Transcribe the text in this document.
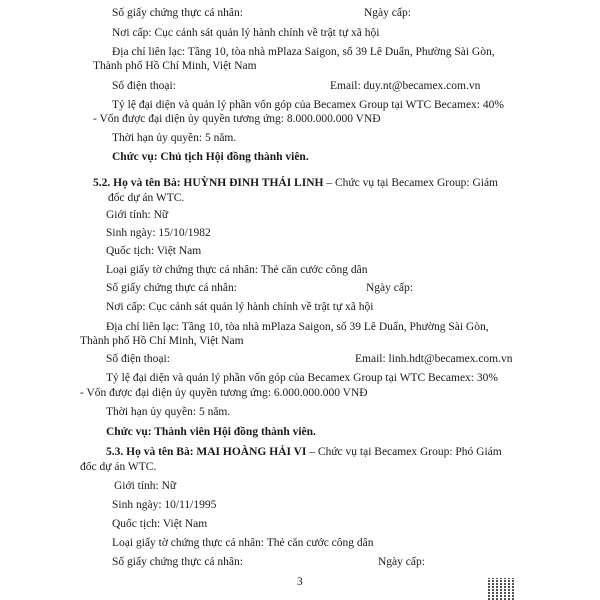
Số giấy chứng thực cá nhân:	Ngày cấp:
Nơi cấp: Cục cảnh sát quản lý hành chính về trật tự xã hội
Địa chỉ liên lạc: Tầng 10, tòa nhà mPlaza Saigon, số 39 Lê Duẩn, Phường Sài Gòn,
Thành phố Hồ Chí Minh, Việt Nam
Số điện thoại:	Email: duy.nt@becamex.com.vn
Tỷ lệ đại diện và quản lý phần vốn góp của Becamex Group tại WTC Becamex: 40%
- Vốn được đại diện ủy quyền tương ứng: 8.000.000.000 VNĐ
Thời hạn ủy quyền: 5 năm.
Chức vụ: Chủ tịch Hội đồng thành viên.
5.2. Họ và tên Bà: HUỲNH ĐINH THÁI LINH – Chức vụ tại Becamex Group: Giám
đốc dự án WTC.
Giới tính: Nữ
Sinh ngày: 15/10/1982
Quốc tịch: Việt Nam
Loại giấy tờ chứng thực cá nhân: Thẻ căn cước công dân
Số giấy chứng thực cá nhân:	Ngày cấp:
Nơi cấp: Cục cảnh sát quản lý hành chính về trật tự xã hội
Địa chỉ liên lạc: Tầng 10, tòa nhà mPlaza Saigon, số 39 Lê Duẩn, Phường Sài Gòn,
Thành phố Hồ Chí Minh, Việt Nam
Số điện thoại:	Email: linh.hdt@becamex.com.vn
Tỷ lệ đại diện và quản lý phần vốn góp của Becamex Group tại WTC Becamex: 30%
- Vốn được đại diện ủy quyền tương ứng: 6.000.000.000 VNĐ
Thời hạn ủy quyền: 5 năm.
Chức vụ: Thành viên Hội đồng thành viên.
5.3. Họ và tên Bà: MAI HOÀNG HẢI VI – Chức vụ tại Becamex Group: Phó Giám
đốc dự án WTC.
Giới tính: Nữ
Sinh ngày: 10/11/1995
Quốc tịch: Việt Nam
Loại giấy tờ chứng thực cá nhân: Thẻ căn cước công dân
Số giấy chứng thực cá nhân:	Ngày cấp:
3
